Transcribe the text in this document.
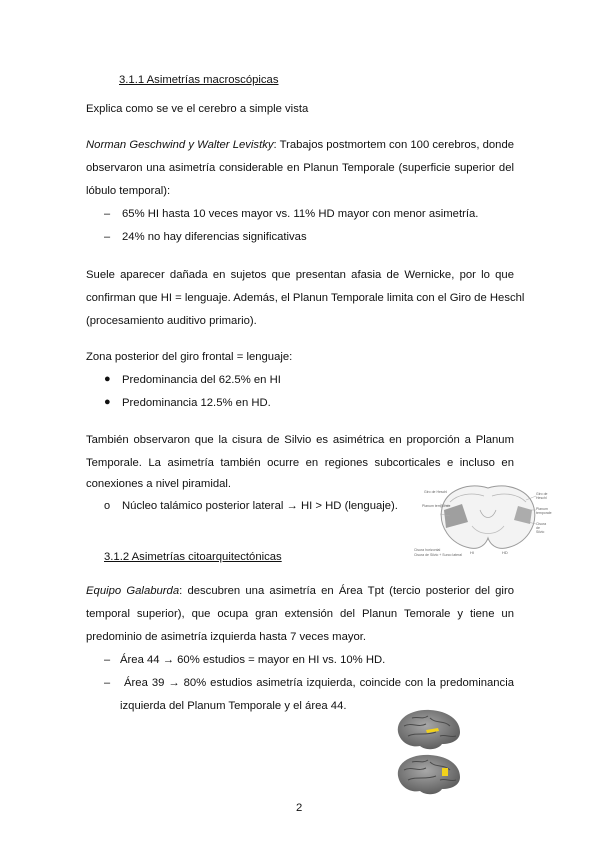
3.1.1 Asimetrías macroscópicas
Explica como se ve el cerebro a simple vista
Norman Geschwind y Walter Levistky: Trabajos postmortem con 100 cerebros, donde
observaron una asimetría considerable en Planun Temporale (superficie superior del
lóbulo temporal):
– 65% HI hasta 10 veces mayor vs. 11% HD mayor con menor asimetría.
– 24% no hay diferencias significativas
Suele aparecer dañada en sujetos que presentan afasia de Wernicke, por lo que
confirman que HI = lenguaje. Además, el Planun Temporale limita con el Giro de Heschl
(procesamiento auditivo primario).
Zona posterior del giro frontal = lenguaje:
● Predominancia del 62.5% en HI
● Predominancia 12.5% en HD.
También observaron que la cisura de Silvio es asimétrica en proporción a Planum
Temporale. La asimetría también ocurre en regiones subcorticales e incluso en
conexiones a nivel piramidal.
o Núcleo talámico posterior lateral → HI > HD (lenguaje).
Giro de Heschl
Planum temporale
Giro de Heschl
Planum temporale
Cisura de Silvio
Cisura horizontal
Cisura de Silvio + Surco lateral HI	HD
3.1.2 Asimetrías citoarquitectónicas
Equipo Galaburda: descubren una asimetría en Área Tpt (tercio posterior del giro
temporal superior), que ocupa gran extensión del Planun Temorale y tiene un
predominio de asimetría izquierda hasta 7 veces mayor.
– Área 44 → 60% estudios = mayor en HI vs. 10% HD.
– Área 39 → 80% estudios asimetría izquierda, coincide con la predominancia
izquierda del Planum Temporale y el área 44.
2
